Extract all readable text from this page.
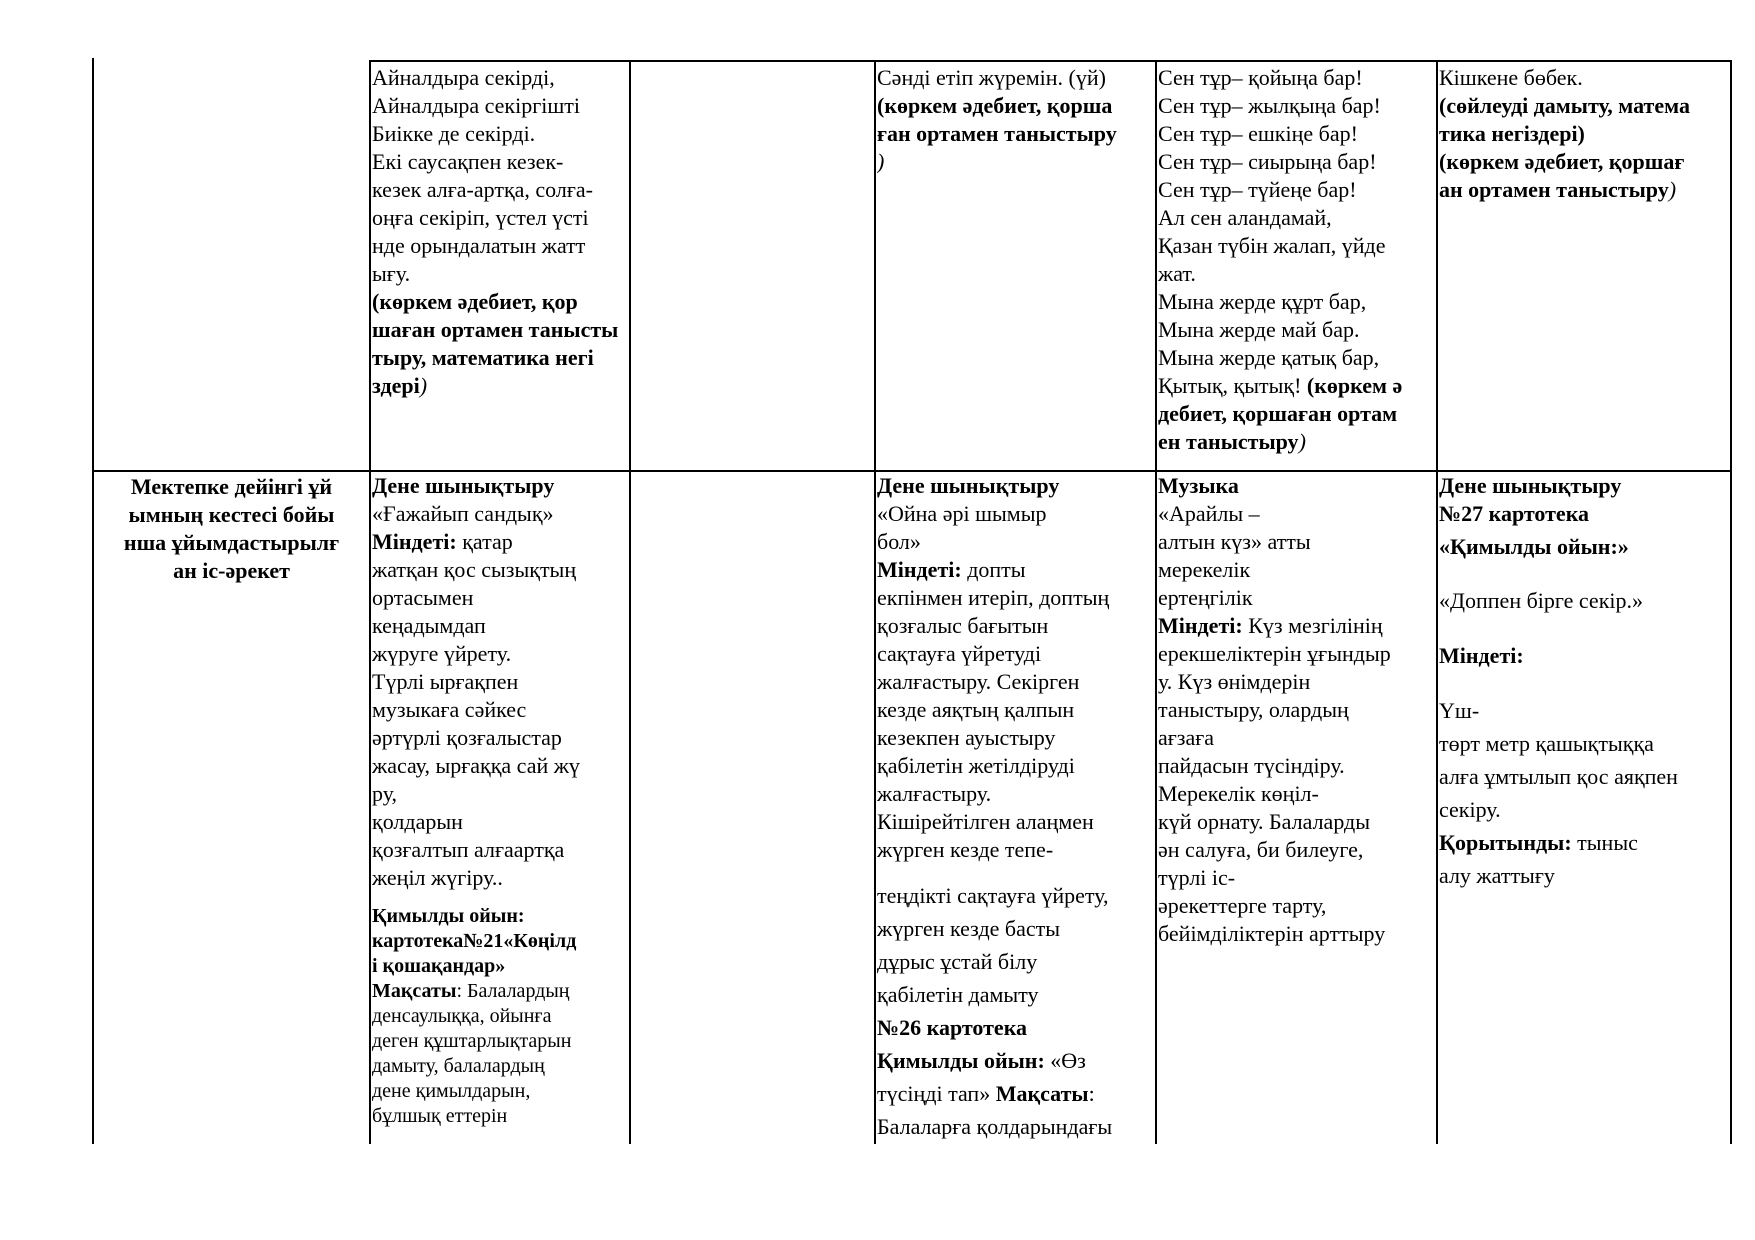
Айналдыра секірді,
Айналдыра секіргішті
Биікке де секірді.
Екі саусақпен кезек-
кезек алға-артқа, солға-
оңға секіріп, үстел үсті
нде орындалатын жатт
ығу.
(көркем әдебиет, қор
шаған ортамен танысты
тыру, математика негі
здері)
Сәнді етіп жүремін. (үй)
(көркем әдебиет, қорша
ған ортамен таныстыру
)
Сен тұр– қойыңа бар!
Сен тұр– жылқыңа бар!
Сен тұр– ешкіңе бар!
Сен тұр– сиырыңа бар!
Сен тұр– түйеңе бар!
Ал сен аландамай,
Қазан түбін жалап, үйде
жат.
Мына жерде құрт бар,
Мына жерде май бар.
Мына жерде қатық бар,
Қытық, қытық! (көркем ә
дебиет, қоршаған ортам
ен таныстыру)
Кішкене бөбек.
(сөйлеуді дамыту, матема
тика негіздері)
(көркем әдебиет, қоршағ
ан ортамен таныстыру)
Мектепке дейінгі ұй
ымның кестесі бойы
нша ұйымдастырылғ
ан іс-әрекет
Дене шынықтыру
«Ғажайып сандық»
Міндеті: қатар
жатқан қос сызықтың
ортасымен
кеңадымдап
жүруге үйрету.
Түрлі ырғақпен
музыкаға сәйкес
әртүрлі қозғалыстар
жасау, ырғаққа сай жү
ру,
қолдарын
қозғалтып алғаартқа
жеңіл жүгіру..
Қимылды ойын:
картотека№21«Көңілд
і қошақандар»
Мақсаты: Балалардың
денсаулыққа, ойынға
деген құштарлықтарын
дамыту, балалардың
дене қимылдарын,
бұлшық еттерін
Дене шынықтыру
«Ойна әрі шымыр
бол»
Міндеті: допты
екпінмен итеріп, доптың
қозғалыс бағытын
сақтауға үйретуді
жалғастыру. Секірген
кезде аяқтың қалпын
кезекпен ауыстыру
қабілетін жетілдіруді
жалғастыру.
Кішірейтілген алаңмен
жүрген кезде тепе-
теңдікті сақтауға үйрету,
жүрген кезде басты
дұрыс ұстай білу
қабілетін дамыту
№26 картотека
Қимылды ойын: «Өз
түсіңді тап» Мақсаты:
Балаларға қолдарындағы
Музыка
«Арайлы –
алтын күз» атты
мерекелік
ертеңгілік
Міндеті: Күз мезгілінің
ерекшеліктерін ұғындыр
у. Күз өнімдерін
таныстыру, олардың
ағзаға
пайдасын түсіндіру.
Мерекелік көңіл-
күй орнату. Балаларды
ән салуға, би билеуге,
түрлі іс-
әрекеттерге тарту,
бейімділіктерін арттыру
Дене шынықтыру
№27 картотека
«Қимылды ойын:»
«Доппен бірге секір.»
Міндеті:
Үш-
төрт метр қашықтыққа
алға ұмтылып қос аяқпен
секіру.
Қорытынды: тыныс
алу жаттығу
